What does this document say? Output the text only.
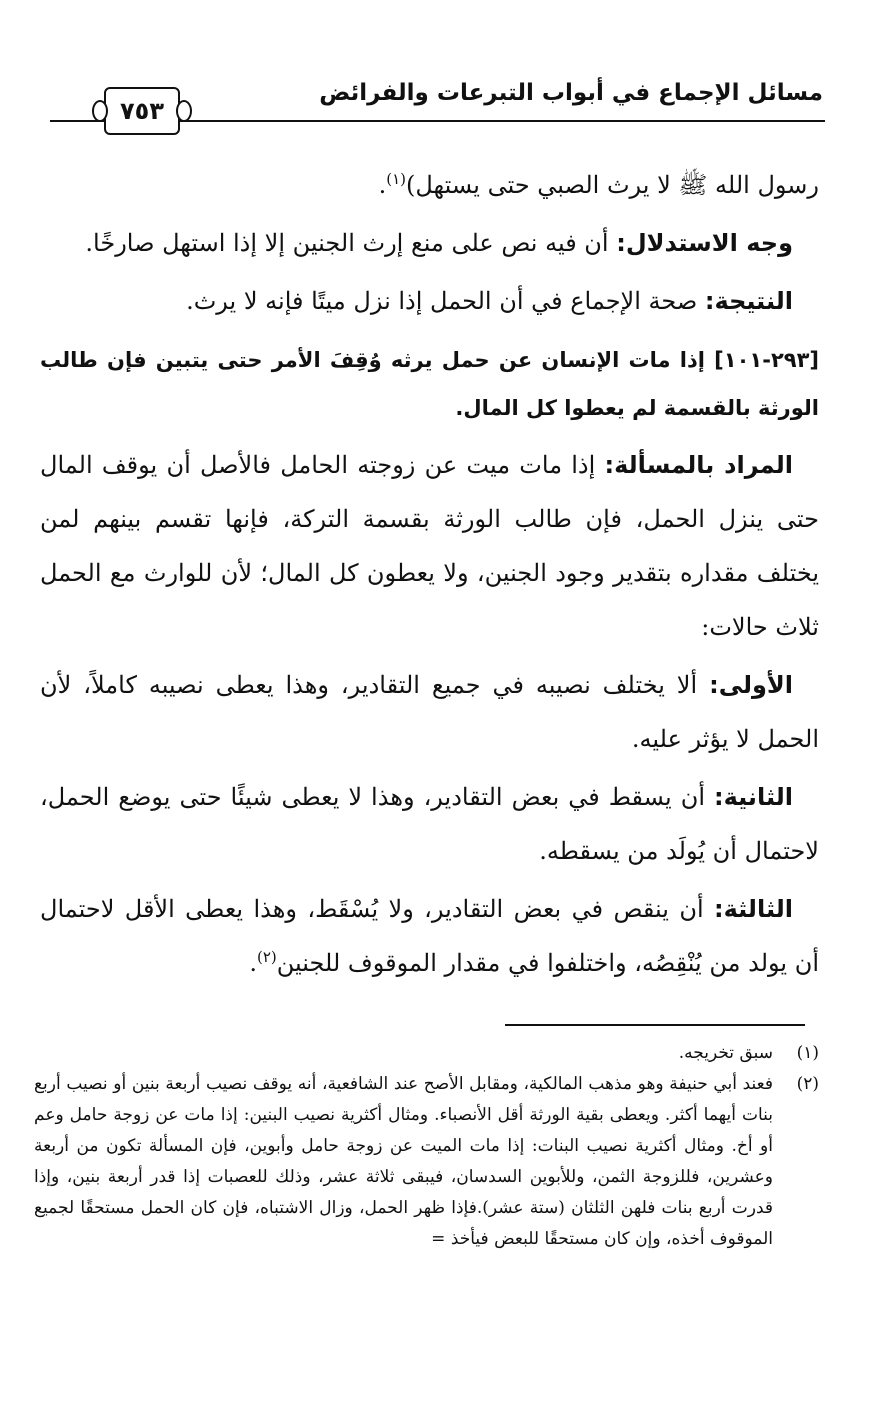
مسائل الإجماع في أبواب التبرعات والفرائض
٧٥٣

رسول الله ﷺ لا يرث الصبي حتى يستهل)$^{(١)}$.

وجه الاستدلال: أن فيه نص على منع إرث الجنين إلا إذا استهل صارخًا.

النتيجة: صحة الإجماع في أن الحمل إذا نزل ميتًا فإنه لا يرث.

[٢٩٣-١٠١] إذا مات الإنسان عن حمل يرثه وُقِفَ الأمر حتى يتبين فإن طالب الورثة بالقسمة لم يعطوا كل المال.

المراد بالمسألة: إذا مات ميت عن زوجته الحامل فالأصل أن يوقف المال حتى ينزل الحمل، فإن طالب الورثة بقسمة التركة، فإنها تقسم بينهم لمن يختلف مقداره بتقدير وجود الجنين، ولا يعطون كل المال؛ لأن للوارث مع الحمل ثلاث حالات:

الأولى: ألا يختلف نصيبه في جميع التقادير، وهذا يعطى نصيبه كاملاً، لأن الحمل لا يؤثر عليه.

الثانية: أن يسقط في بعض التقادير، وهذا لا يعطى شيئًا حتى يوضع الحمل، لاحتمال أن يُولَد من يسقطه.

الثالثة: أن ينقص في بعض التقادير، ولا يُسْقَط، وهذا يعطى الأقل لاحتمال أن يولد من يُنْقِصُه، واختلفوا في مقدار الموقوف للجنين$^{(٢)}$.

(١)
سبق تخريجه.
(٢)
فعند أبي حنيفة وهو مذهب المالكية، ومقابل الأصح عند الشافعية، أنه يوقف نصيب أربعة بنين أو نصيب أربع بنات أيهما أكثر. ويعطى بقية الورثة أقل الأنصباء. ومثال أكثرية نصيب البنين: إذا مات عن زوجة حامل وعم أو أخ. ومثال أكثرية نصيب البنات: إذا مات الميت عن زوجة حامل وأبوين، فإن المسألة تكون من أربعة وعشرين، فللزوجة الثمن، وللأبوين السدسان، فيبقى ثلاثة عشر، وذلك للعصبات إذا قدر أربعة بنين، وإذا قدرت أربع بنات فلهن الثلثان (ستة عشر).فإذا ظهر الحمل، وزال الاشتباه، فإن كان الحمل مستحقًا لجميع الموقوف أخذه، وإن كان مستحقًا للبعض فيأخذ =
